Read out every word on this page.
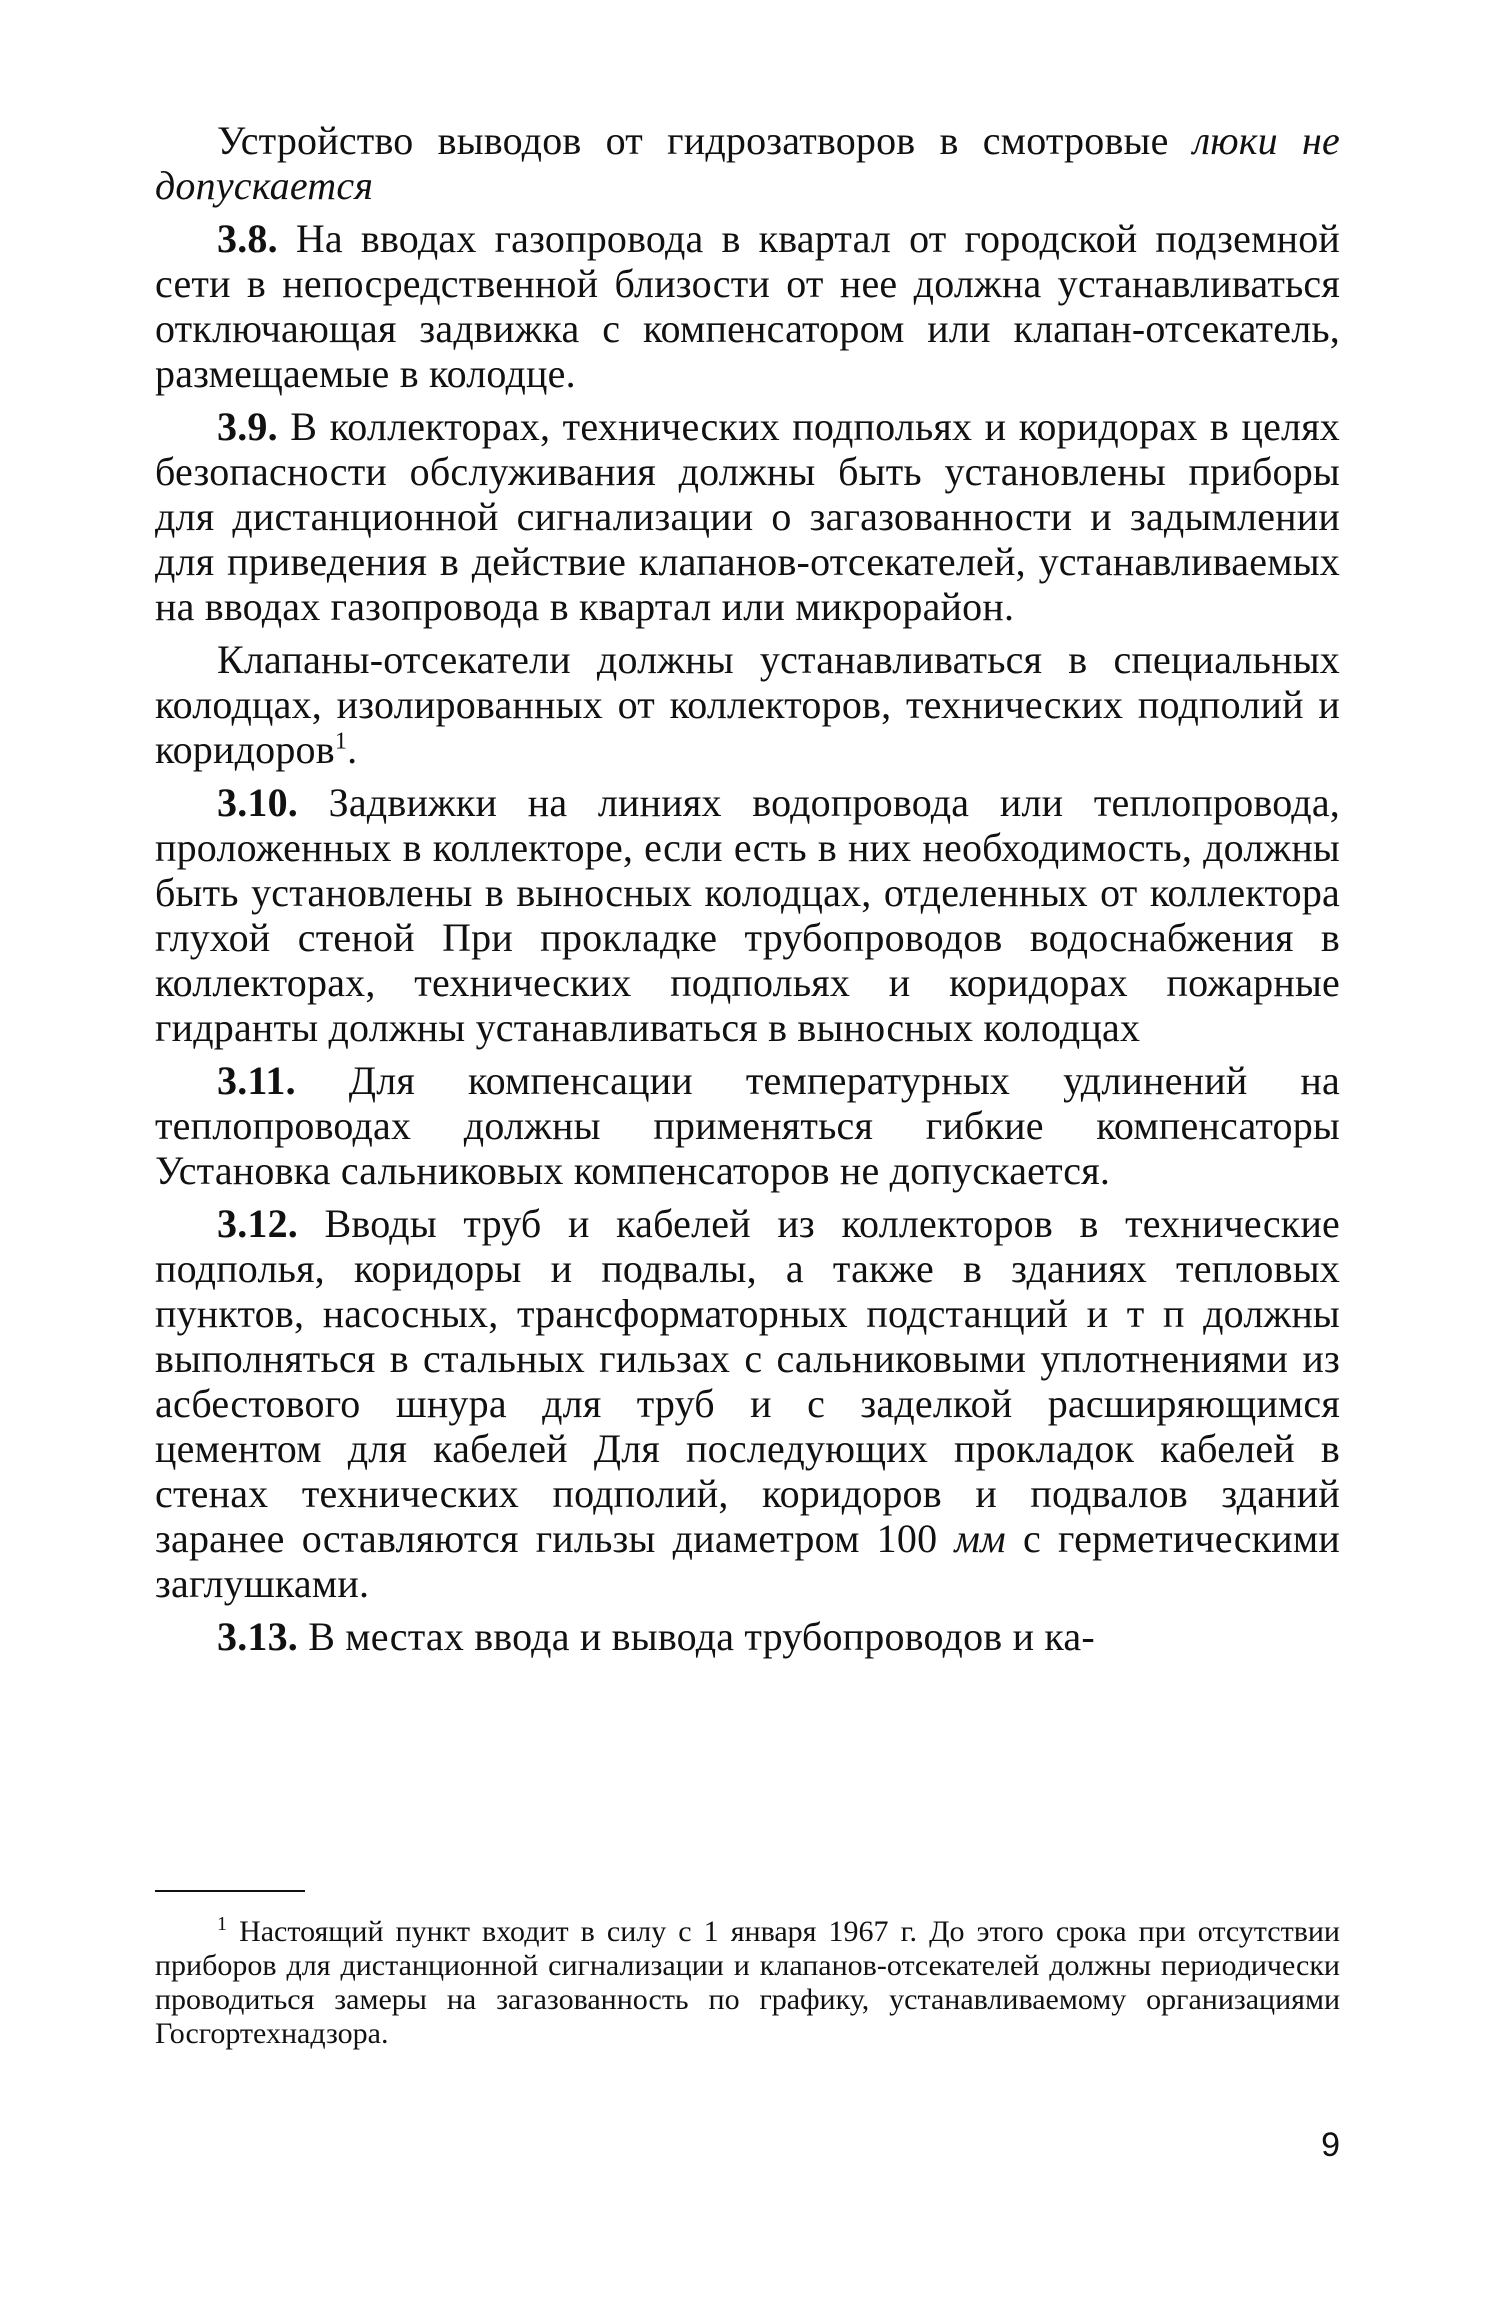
Устройство выводов от гидрозатворов в смотровые люки не допускается

3.8. На вводах газопровода в квартал от городской подземной сети в непосредственной близости от нее должна устанавливаться отключающая задвижка с компенсатором или клапан-отсекатель, размещаемые в колодце.

3.9. В коллекторах, технических подпольях и коридорах в целях безопасности обслуживания должны быть установлены приборы для дистанционной сигнализации о загазованности и задымлении для приведения в действие клапанов-отсекателей, устанавливаемых на вводах газопровода в квартал или микрорайон.

Клапаны-отсекатели должны устанавливаться в специальных колодцах, изолированных от коллекторов, технических подполий и коридоров$^1$.

3.10. Задвижки на линиях водопровода или теплопровода, проложенных в коллекторе, если есть в них необходимость, должны быть установлены в выносных колодцах, отделенных от коллектора глухой стеной При прокладке трубопроводов водоснабжения в коллекторах, технических подпольях и коридорах пожарные гидранты должны устанавливаться в выносных колодцах

3.11. Для компенсации температурных удлинений на теплопроводах должны применяться гибкие компенсаторы Установка сальниковых компенсаторов не допускается.

3.12. Вводы труб и кабелей из коллекторов в технические подполья, коридоры и подвалы, а также в зданиях тепловых пунктов, насосных, трансформаторных подстанций и т п должны выполняться в стальных гильзах с сальниковыми уплотнениями из асбестового шнура для труб и с заделкой расширяющимся цементом для кабелей Для последующих прокладок кабелей в стенах технических подполий, коридоров и подвалов зданий заранее оставляются гильзы диаметром 100 мм с герметическими заглушками.

3.13. В местах ввода и вывода трубопроводов и ка-

$^1$ Настоящий пункт входит в силу с 1 января 1967 г. До этого срока при отсутствии приборов для дистанционной сигнализации и клапанов-отсекателей должны периодически проводиться замеры на загазованность по графику, устанавливаемому организациями Госгортехнадзора.

9
